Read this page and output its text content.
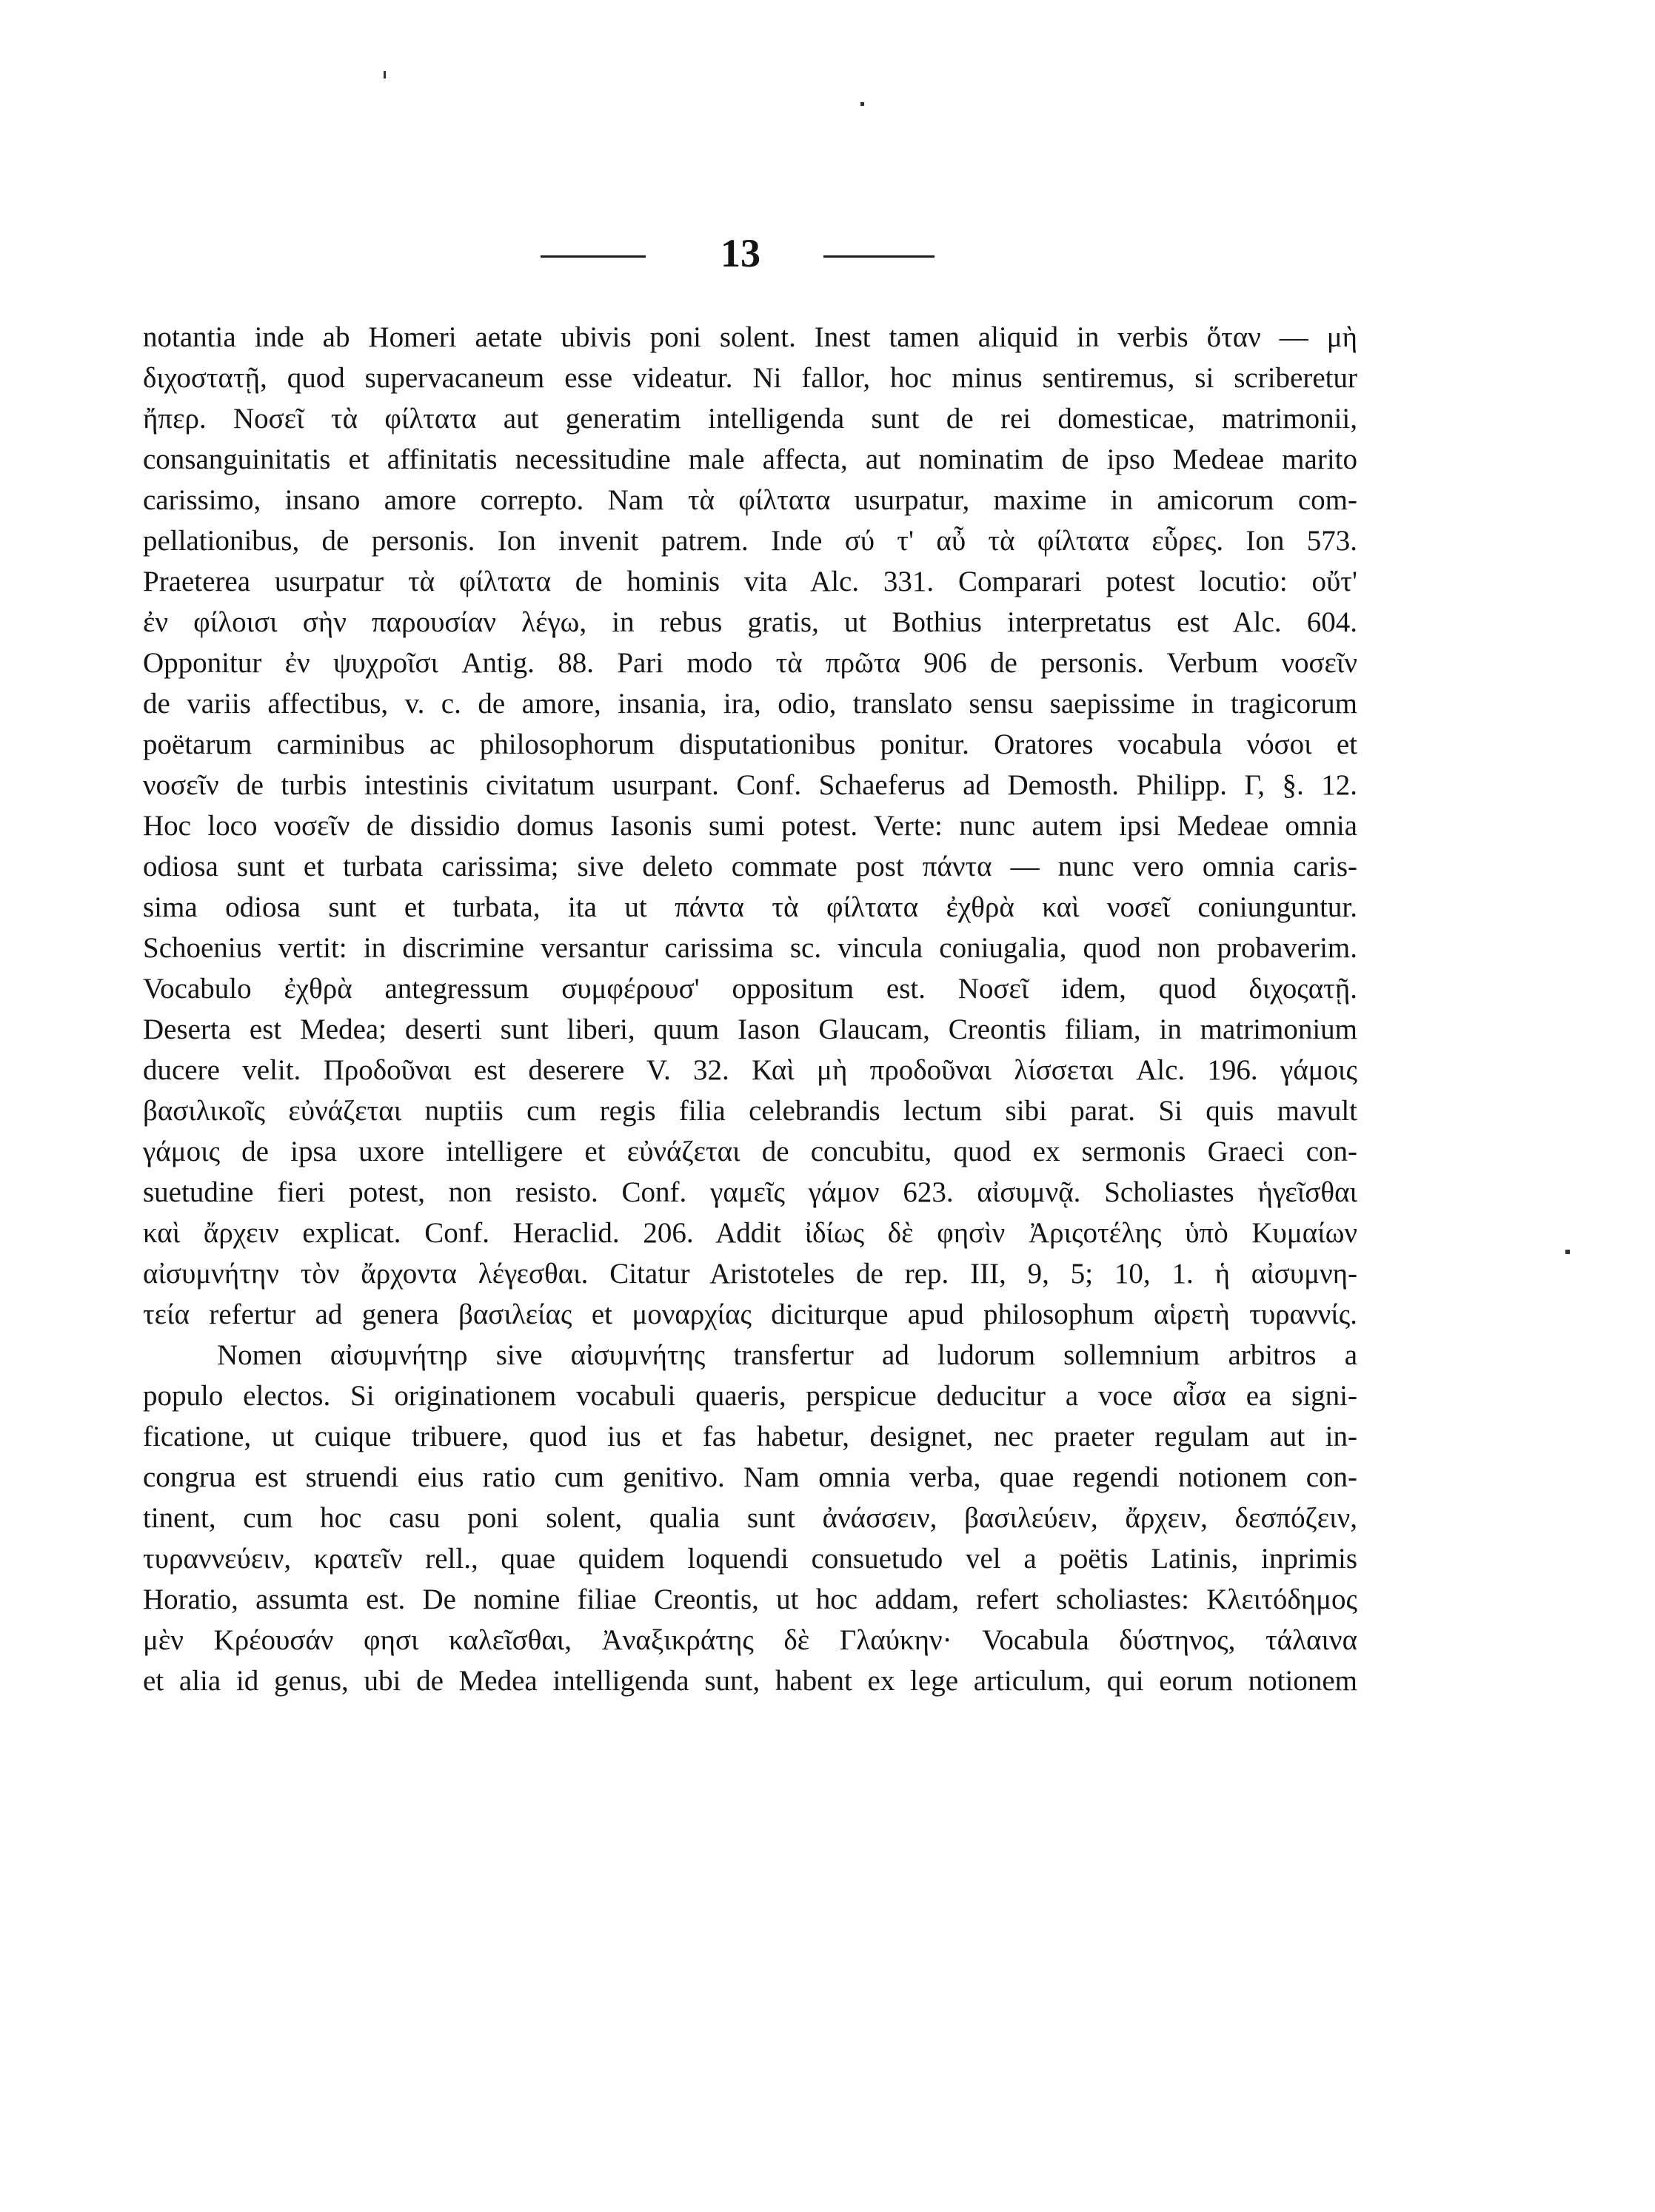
13
notantia inde ab Homeri aetate ubivis poni solent. Inest tamen aliquid in verbis ὅταν — μὴ
διχοστατῇ, quod supervacaneum esse videatur. Ni fallor, hoc minus sentiremus, si scriberetur
ἤπερ. Νοσεῖ τὰ φίλτατα aut generatim intelligenda sunt de rei domesticae, matrimonii,
consanguinitatis et affinitatis necessitudine male affecta, aut nominatim de ipso Medeae marito
carissimo, insano amore correpto. Nam τὰ φίλτατα usurpatur, maxime in amicorum com-
pellationibus, de personis. Ion invenit patrem. Inde σύ τ' αὖ τὰ φίλτατα εὗρες. Ion 573.
Praeterea usurpatur τὰ φίλτατα de hominis vita Alc. 331. Comparari potest locutio: οὔτ'
ἐν φίλοισι σὴν παρουσίαν λέγω, in rebus gratis, ut Bothius interpretatus est Alc. 604.
Opponitur ἐν ψυχροῖσι Antig. 88. Pari modo τὰ πρῶτα 906 de personis. Verbum νοσεῖν
de variis affectibus, v. c. de amore, insania, ira, odio, translato sensu saepissime in tragicorum
poëtarum carminibus ac philosophorum disputationibus ponitur. Oratores vocabula νόσοι et
νοσεῖν de turbis intestinis civitatum usurpant. Conf. Schaeferus ad Demosth. Philipp. Γ, §. 12.
Hoc loco νοσεῖν de dissidio domus Iasonis sumi potest. Verte: nunc autem ipsi Medeae omnia
odiosa sunt et turbata carissima; sive deleto commate post πάντα — nunc vero omnia caris-
sima odiosa sunt et turbata, ita ut πάντα τὰ φίλτατα ἐχθρὰ καὶ νοσεῖ coniunguntur.
Schoenius vertit: in discrimine versantur carissima sc. vincula coniugalia, quod non probaverim.
Vocabulo ἐχθρὰ antegressum συμφέρουσ' oppositum est. Νοσεῖ idem, quod διχοςατῇ.
Deserta est Medea; deserti sunt liberi, quum Iason Glaucam, Creontis filiam, in matrimonium
ducere velit. Προδοῦναι est deserere V. 32. Καὶ μὴ προδοῦναι λίσσεται Alc. 196. γάμοις
βασιλικοῖς εὐνάζεται nuptiis cum regis filia celebrandis lectum sibi parat. Si quis mavult
γάμοις de ipsa uxore intelligere et εὐνάζεται de concubitu, quod ex sermonis Graeci con-
suetudine fieri potest, non resisto. Conf. γαμεῖς γάμον 623. αἰσυμνᾷ. Scholiastes ἡγεῖσθαι
καὶ ἄρχειν explicat. Conf. Heraclid. 206. Addit ἰδίως δὲ φησὶν Ἀριςοτέλης ὑπὸ Κυμαίων
αἰσυμνήτην τὸν ἄρχοντα λέγεσθαι. Citatur Aristoteles de rep. III, 9, 5; 10, 1. ἡ αἰσυμνη-
τεία refertur ad genera βασιλείας et μοναρχίας diciturque apud philosophum αἱρετὴ τυραννίς.
Nomen αἰσυμνήτηρ sive αἰσυμνήτης transfertur ad ludorum sollemnium arbitros a
populo electos. Si originationem vocabuli quaeris, perspicue deducitur a voce αἶσα ea signi-
ficatione, ut cuique tribuere, quod ius et fas habetur, designet, nec praeter regulam aut in-
congrua est struendi eius ratio cum genitivo. Nam omnia verba, quae regendi notionem con-
tinent, cum hoc casu poni solent, qualia sunt ἀνάσσειν, βασιλεύειν, ἄρχειν, δεσπόζειν,
τυραννεύειν, κρατεῖν rell., quae quidem loquendi consuetudo vel a poëtis Latinis, inprimis
Horatio, assumta est. De nomine filiae Creontis, ut hoc addam, refert scholiastes: Κλειτόδημος
μὲν Κρέουσάν φησι καλεῖσθαι, Ἀναξικράτης δὲ Γλαύκην· Vocabula δύστηνος, τάλαινα
et alia id genus, ubi de Medea intelligenda sunt, habent ex lege articulum, qui eorum notionem
